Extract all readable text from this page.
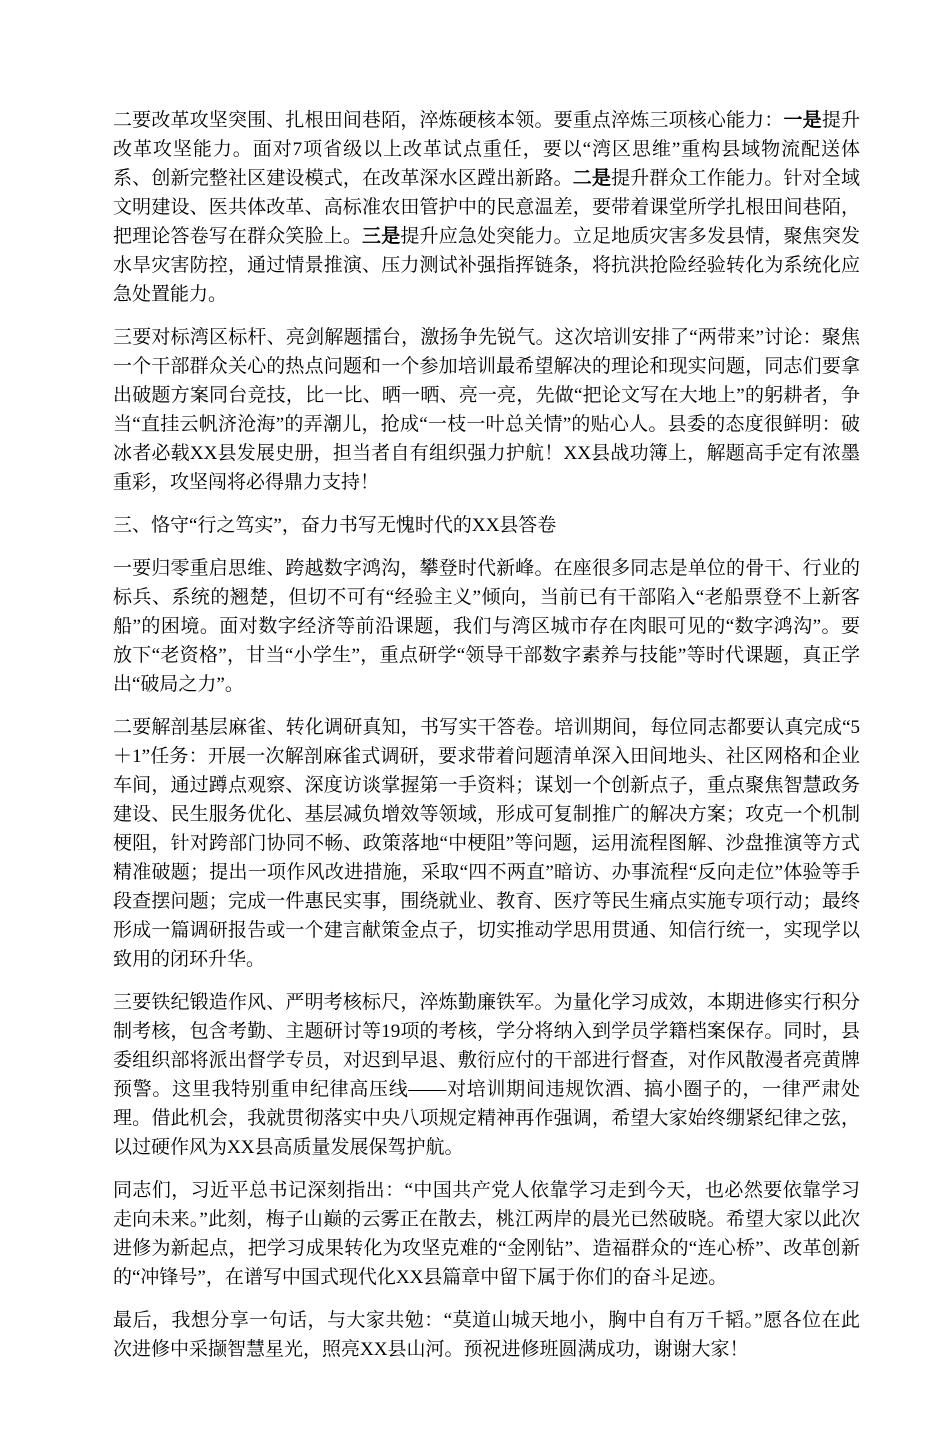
二要改革攻坚突围、扎根田间巷陌，淬炼硬核本领。要重点淬炼三项核心能力：一是提升改革攻坚能力。面对7项省级以上改革试点重任，要以“湾区思维”重构县域物流配送体系、创新完整社区建设模式，在改革深水区蹚出新路。二是提升群众工作能力。针对全域文明建设、医共体改革、高标准农田管护中的民意温差，要带着课堂所学扎根田间巷陌，把理论答卷写在群众笑脸上。三是提升应急处突能力。立足地质灾害多发县情，聚焦突发水旱灾害防控，通过情景推演、压力测试补强指挥链条，将抗洪抢险经验转化为系统化应急处置能力。

三要对标湾区标杆、亮剑解题擂台，激扬争先锐气。这次培训安排了“两带来”讨论：聚焦一个干部群众关心的热点问题和一个参加培训最希望解决的理论和现实问题，同志们要拿出破题方案同台竞技，比一比、晒一晒、亮一亮，先做“把论文写在大地上”的躬耕者，争当“直挂云帆济沧海”的弄潮儿，抢成“一枝一叶总关情”的贴心人。县委的态度很鲜明：破冰者必载XX县发展史册，担当者自有组织强力护航！XX县战功簿上，解题高手定有浓墨重彩，攻坚闯将必得鼎力支持！

三、恪守“行之笃实”，奋力书写无愧时代的XX县答卷

一要归零重启思维、跨越数字鸿沟，攀登时代新峰。在座很多同志是单位的骨干、行业的标兵、系统的翘楚，但切不可有“经验主义”倾向，当前已有干部陷入“老船票登不上新客船”的困境。面对数字经济等前沿课题，我们与湾区城市存在肉眼可见的“数字鸿沟”。要放下“老资格”，甘当“小学生”，重点研学“领导干部数字素养与技能”等时代课题，真正学出“破局之力”。

二要解剖基层麻雀、转化调研真知，书写实干答卷。培训期间，每位同志都要认真完成“5＋1”任务：开展一次解剖麻雀式调研，要求带着问题清单深入田间地头、社区网格和企业车间，通过蹲点观察、深度访谈掌握第一手资料；谋划一个创新点子，重点聚焦智慧政务建设、民生服务优化、基层减负增效等领域，形成可复制推广的解决方案；攻克一个机制梗阻，针对跨部门协同不畅、政策落地“中梗阻”等问题，运用流程图解、沙盘推演等方式精准破题；提出一项作风改进措施，采取“四不两直”暗访、办事流程“反向走位”体验等手段查摆问题；完成一件惠民实事，围绕就业、教育、医疗等民生痛点实施专项行动；最终形成一篇调研报告或一个建言献策金点子，切实推动学思用贯通、知信行统一，实现学以致用的闭环升华。

三要铁纪锻造作风、严明考核标尺，淬炼勤廉铁军。为量化学习成效，本期进修实行积分制考核，包含考勤、主题研讨等19项的考核，学分将纳入到学员学籍档案保存。同时，县委组织部将派出督学专员，对迟到早退、敷衍应付的干部进行督查，对作风散漫者亮黄牌预警。这里我特别重申纪律高压线——对培训期间违规饮酒、搞小圈子的，一律严肃处理。借此机会，我就贯彻落实中央八项规定精神再作强调，希望大家始终绷紧纪律之弦，以过硬作风为XX县高质量发展保驾护航。

同志们，习近平总书记深刻指出：“中国共产党人依靠学习走到今天，也必然要依靠学习走向未来。”此刻，梅子山巅的云雾正在散去，桃江两岸的晨光已然破晓。希望大家以此次进修为新起点，把学习成果转化为攻坚克难的“金刚钻”、造福群众的“连心桥”、改革创新的“冲锋号”，在谱写中国式现代化XX县篇章中留下属于你们的奋斗足迹。

最后，我想分享一句话，与大家共勉：“莫道山城天地小，胸中自有万千韬。”愿各位在此次进修中采撷智慧星光，照亮XX县山河。预祝进修班圆满成功，谢谢大家！
